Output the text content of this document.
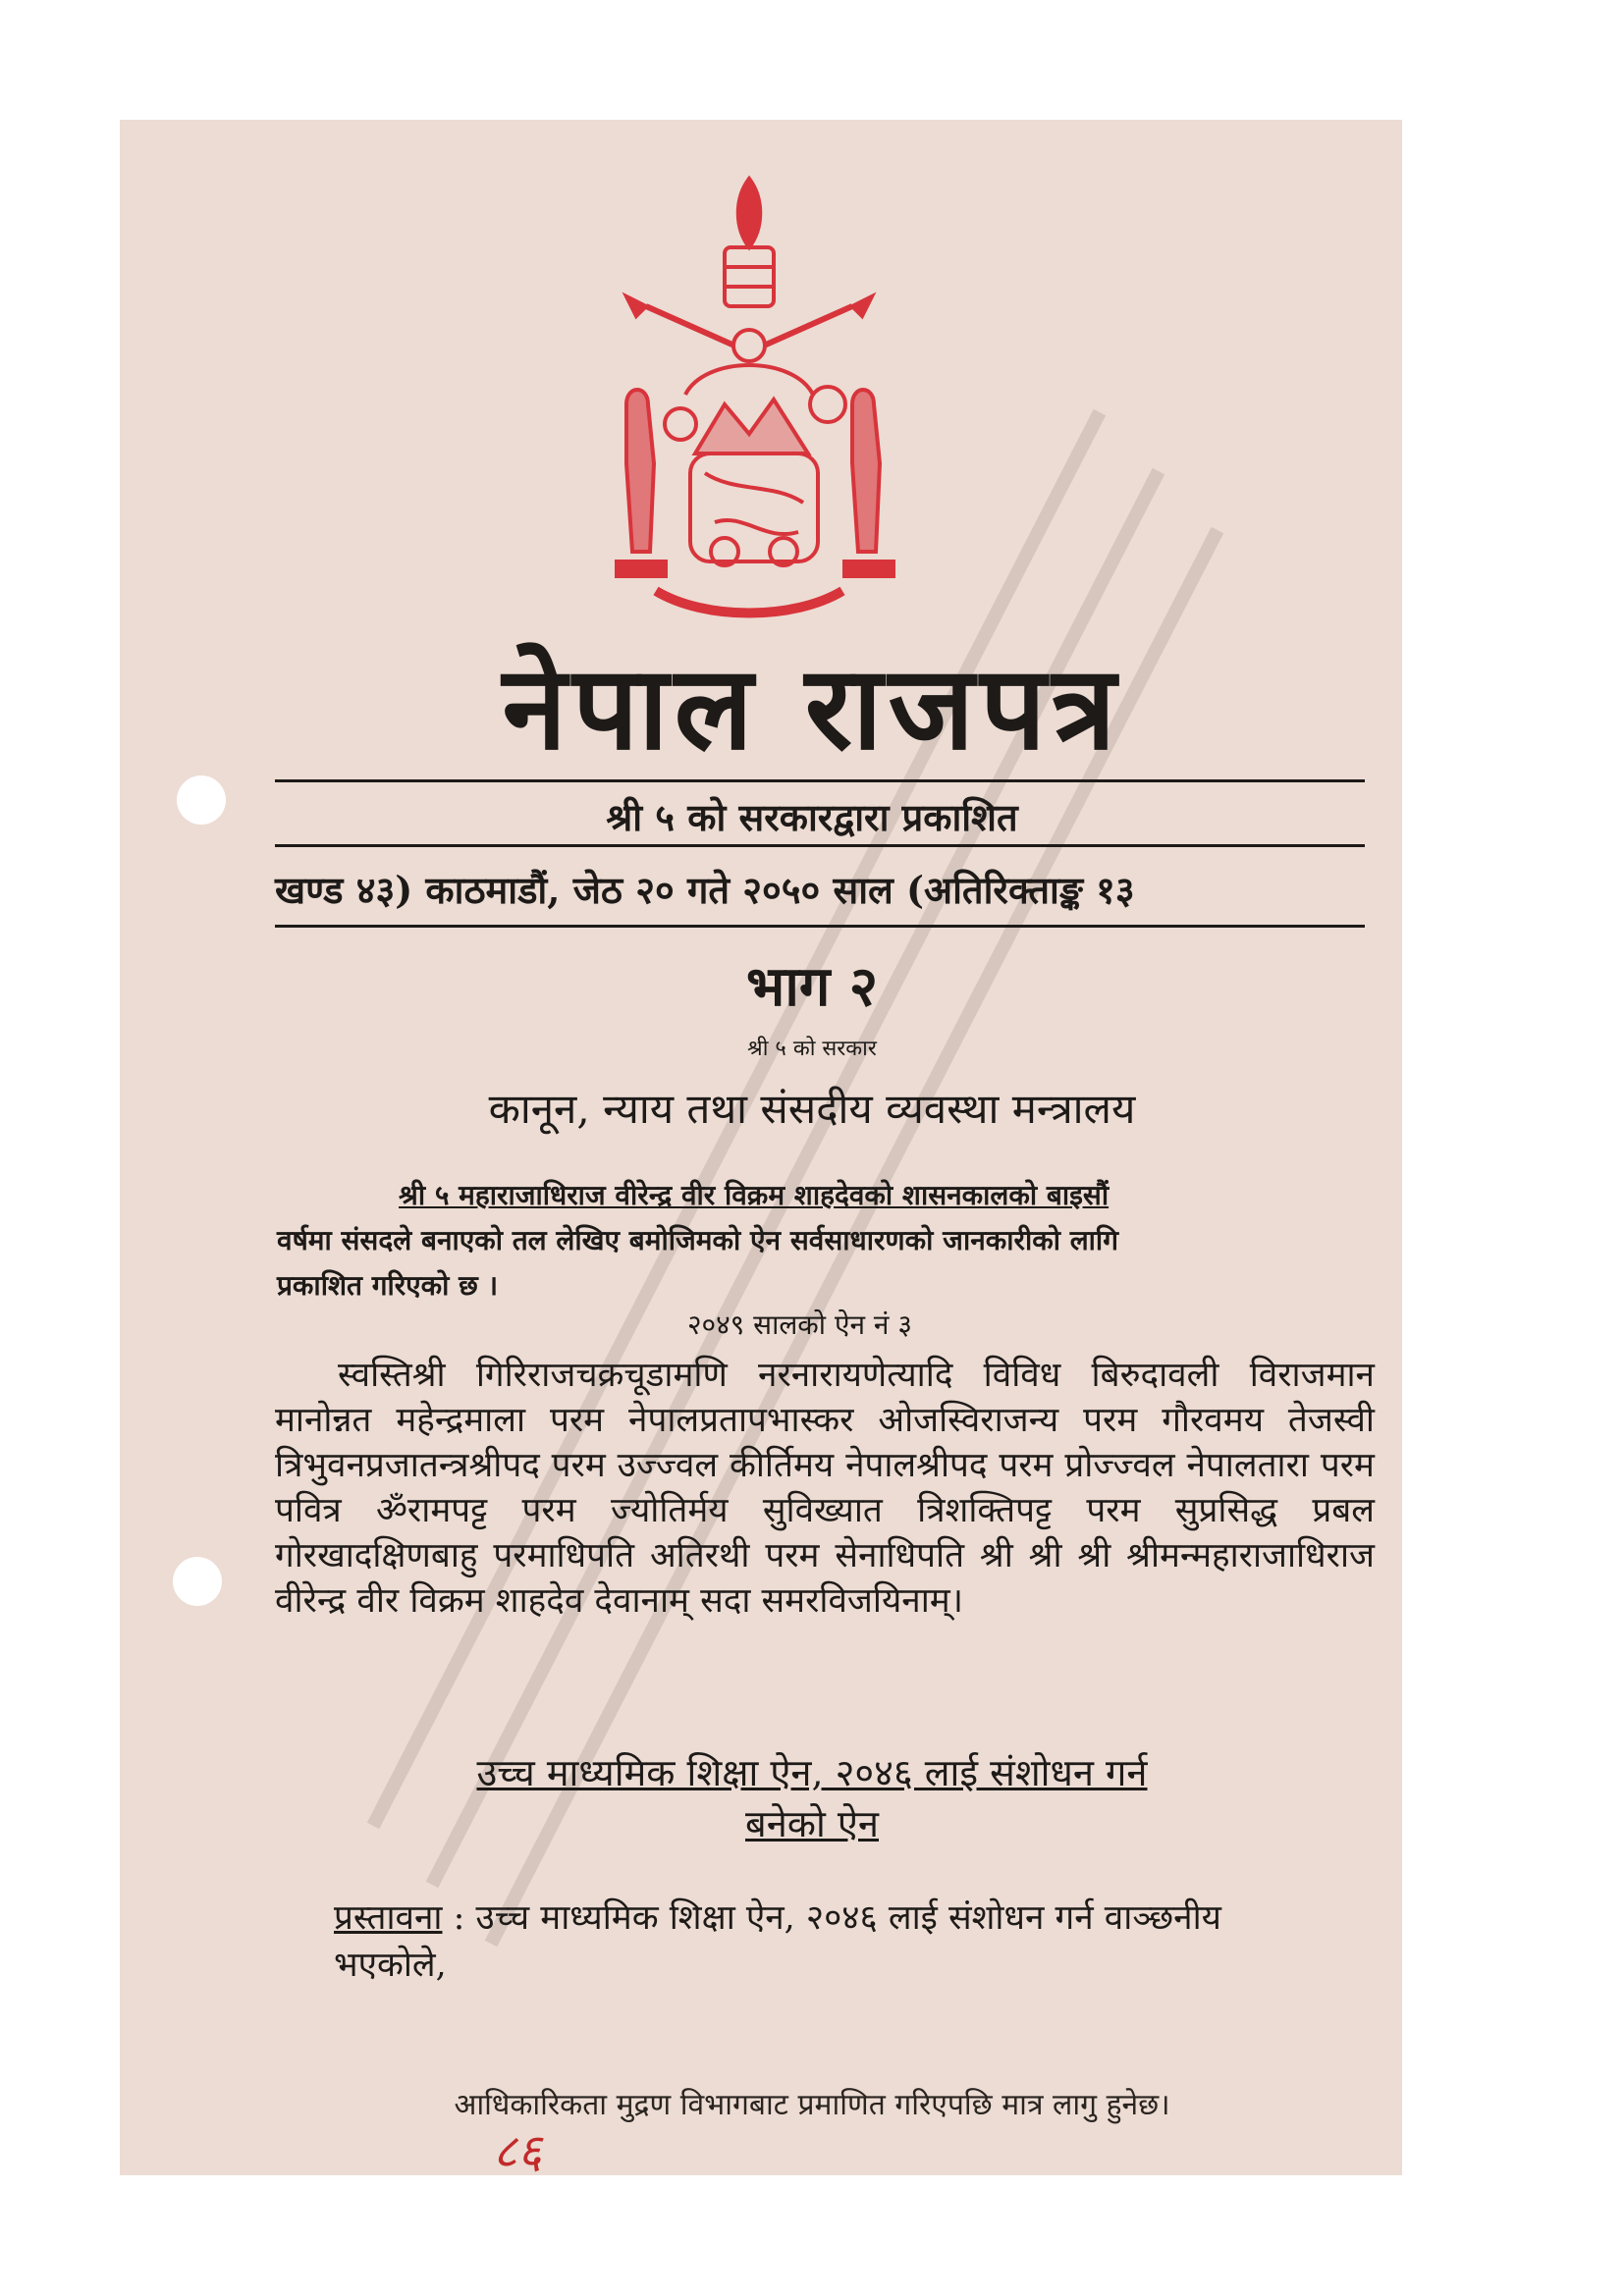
नेपाल राजपत्र
श्री ५ को सरकारद्वारा प्रकाशित
खण्ड ४३) काठमाडौं, जेठ २० गते २०५० साल (अतिरिक्ताङ्क १३
भाग २
श्री ५ को सरकार
कानून, न्याय तथा संसदीय व्यवस्था मन्त्रालय
श्री ५ महाराजाधिराज वीरेन्द्र वीर विक्रम शाहदेवको शासनकालको बाइसौं
वर्षमा संसदले बनाएको तल लेखिए बमोजिमको ऐन सर्वसाधारणको जानकारीको लागि
प्रकाशित गरिएको छ ।
२०४९ सालको ऐन नं ३

स्वस्तिश्री गिरिराजचक्रचूडामणि नरनारायणेत्यादि विविध बिरुदावली विराजमान मानोन्नत महेन्द्रमाला परम नेपालप्रतापभास्कर ओजस्विराजन्य परम गौरवमय तेजस्वी त्रिभुवनप्रजातन्त्रश्रीपद परम उज्ज्वल कीर्तिमय नेपालश्रीपद परम प्रोज्ज्वल नेपालतारा परम पवित्र ॐरामपट्ट परम ज्योतिर्मय सुविख्यात त्रिशक्तिपट्ट परम सुप्रसिद्ध प्रबल गोरखादक्षिणबाहु परमाधिपति अतिरथी परम सेनाधिपति श्री श्री श्री श्रीमन्महाराजाधिराज वीरेन्द्र वीर विक्रम शाहदेव देवानाम् सदा समरविजयिनाम्।

उच्च माध्यमिक शिक्षा ऐन, २०४६ लाई संशोधन गर्न
बनेको ऐन
प्रस्तावना : उच्च माध्यमिक शिक्षा ऐन, २०४६ लाई संशोधन गर्न वाञ्छनीय भएकोले,
आधिकारिकता मुद्रण विभागबाट प्रमाणित गरिएपछि मात्र लागु हुनेछ।
८६
